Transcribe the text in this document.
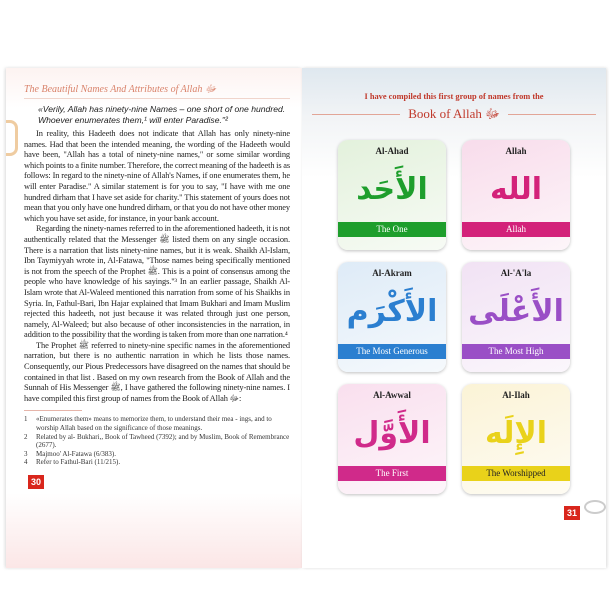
The Beautiful Names And Attributes of Allah ﷻ
«Verily, Allah has ninety-nine Names – one short of one hundred. Whoever enumerates them,¹ will enter Paradise."²

In reality, this Hadeeth does not indicate that Allah has only ninety-nine names. Had that been the intended meaning, the wording of the Hadeeth would have been, "Allah has a total of ninety-nine names," or some similar wording which points to a finite number. Therefore, the correct meaning of the hadeeth is as follows: In regard to the ninety-nine of Allah's Names, if one enumerates them, he will enter Paradise." A similar statement is for you to say, "I have with me one hundred dirham that I have set aside for charity." This statement of yours does not mean that you only have one hundred dirham, or that you do not have other money which you have set aside, for instance, in your bank account.

Regarding the ninety-names referred to in the aforementioned hadeeth, it is not authentically related that the Messenger ﷺ listed them on any single occasion. There is a narration that lists ninety-nine names, but it is weak. Shaikh Al-Islam, Ibn Taymiyyah wrote in, Al-Fatawa, "Those names being specifically mentioned is not from the speech of the Prophet ﷺ. This is a point of consensus among the people who have knowledge of his sayings."³ In an earlier passage, Shaikh Al-Islam wrote that Al-Waleed mentioned this narration from some of his Shaikhs in Syria. In, Fathul-Bari, Ibn Hajar explained that Imam Bukhari and Imam Muslim rejected this hadeeth, not just because it was related through just one person, namely, Al-Waleed; but also because of other inconsistencies in the narration, in addition to the possibility that the wording is taken from more than one narration.⁴

The Prophet ﷺ referred to ninety-nine specific names in the aforementioned narration, but there is no authentic narration in which he lists those names. Consequently, our Pious Predecessors have disagreed on the names that should be contained in that list . Based on my own research from the Book of Allah and the Sunnah of His Messenger ﷺ, I have gathered the following ninety-nine names. I have compiled this first group of names from the Book of Allah ﷻ:

1	«Enumerates them» means to memorize them, to understand their mea - ings, and to worship Allah based on the significance of those meanings.
2	Related by al- Bukhari,, Book of Tawheed (7392); and by Muslim, Book of Remembrance (2677).
3	Majmoo' Al-Fatawa (6/383).
4	Refer to Fathul-Bari (11/215).
30
I have compiled this first group of names from the
Book of Allah ﷻ
Al-Ahad
الأَحَد
The One
Allah
الله
Allah
Al-Akram
الأَكْرَم
The Most Generous
Al-'A'la
الأَعْلَى
The Most High
Al-Awwal
الأَوَّل
The First
Al-Ilah
الإِلَه
The Worshipped
31
